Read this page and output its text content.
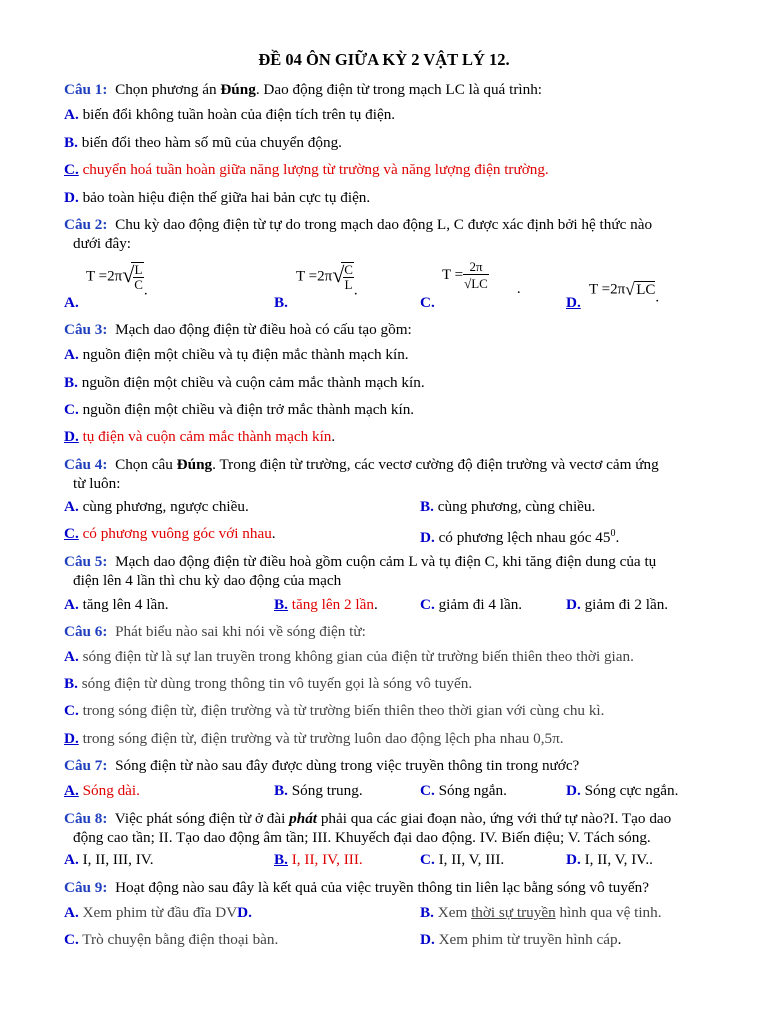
ĐỀ 04 ÔN GIỮA KỲ 2 VẬT LÝ 12.
Câu 1: Chọn phương án Đúng. Dao động điện từ trong mạch LC là quá trình:
A. biến đổi không tuần hoàn của điện tích trên tụ điện.
B. biến đổi theo hàm số mũ của chuyển động.
C. chuyển hoá tuần hoàn giữa năng lượng từ trường và năng lượng điện trường.
D. bảo toàn hiệu điện thế giữa hai bản cực tụ điện.
Câu 2: Chu kỳ dao động điện từ tự do trong mạch dao động L, C được xác định bởi hệ thức nào
dưới đây:
A.
T =2π √
$\frac{L}{C}$ .
B.
T =2π √
$\frac{C}{L}$ .
C.
$T = \frac{2\pi}{√LC}$ .
D.
T =2π √ LC.
Câu 3: Mạch dao động điện từ điều hoà có cấu tạo gồm:
A. nguồn điện một chiều và tụ điện mắc thành mạch kín.
B. nguồn điện một chiều và cuộn cảm mắc thành mạch kín.
C. nguồn điện một chiều và điện trở mắc thành mạch kín.
D. tụ điện và cuộn cảm mắc thành mạch kín.
Câu 4: Chọn câu Đúng. Trong điện từ trường, các vectơ cường độ điện trường và vectơ cảm ứng
từ luôn:
A. cùng phương, ngược chiều.	B. cùng phương, cùng chiều.
C. có phương vuông góc với nhau.	D. có phương lệch nhau góc $45^0$.
Câu 5: Mạch dao động điện từ điều hoà gồm cuộn cảm L và tụ điện C, khi tăng điện dung của tụ
điện lên 4 lần thì chu kỳ dao động của mạch
A. tăng lên 4 lần.	B. tăng lên 2 lần.	C. giảm đi 4 lần.	D. giảm đi 2 lần.
Câu 6: Phát biểu nào sai khi nói về sóng điện từ:
A. sóng điện từ là sự lan truyền trong không gian của điện từ trường biến thiên theo thời gian.
B. sóng điện từ dùng trong thông tin vô tuyến gọi là sóng vô tuyến.
C. trong sóng điện từ, điện trường và từ trường biến thiên theo thời gian với cùng chu kì.
D. trong sóng điện từ, điện trường và từ trường luôn dao động lệch pha nhau 0,5π.
Câu 7: Sóng điện từ nào sau đây được dùng trong việc truyền thông tin trong nước?
A. Sóng dài.	B. Sóng trung.	C. Sóng ngắn.	D. Sóng cực ngắn.
Câu 8: Việc phát sóng điện từ ở đài phát phải qua các giai đoạn nào, ứng với thứ tự nào?I. Tạo dao
động cao tần; II. Tạo dao động âm tần; III. Khuyếch đại dao động. IV. Biến điệu; V. Tách sóng.
A. I, II, III, IV.	B. I, II, IV, III.	C. I, II, V, III.	D. I, II, V, IV..
Câu 9: Hoạt động nào sau đây là kết quả của việc truyền thông tin liên lạc bằng sóng vô tuyến?
A. Xem phim từ đầu đĩa DVD.	B. Xem thời sự truyền hình qua vệ tinh.
C. Trò chuyện bằng điện thoại bàn.	D. Xem phim từ truyền hình cáp.
